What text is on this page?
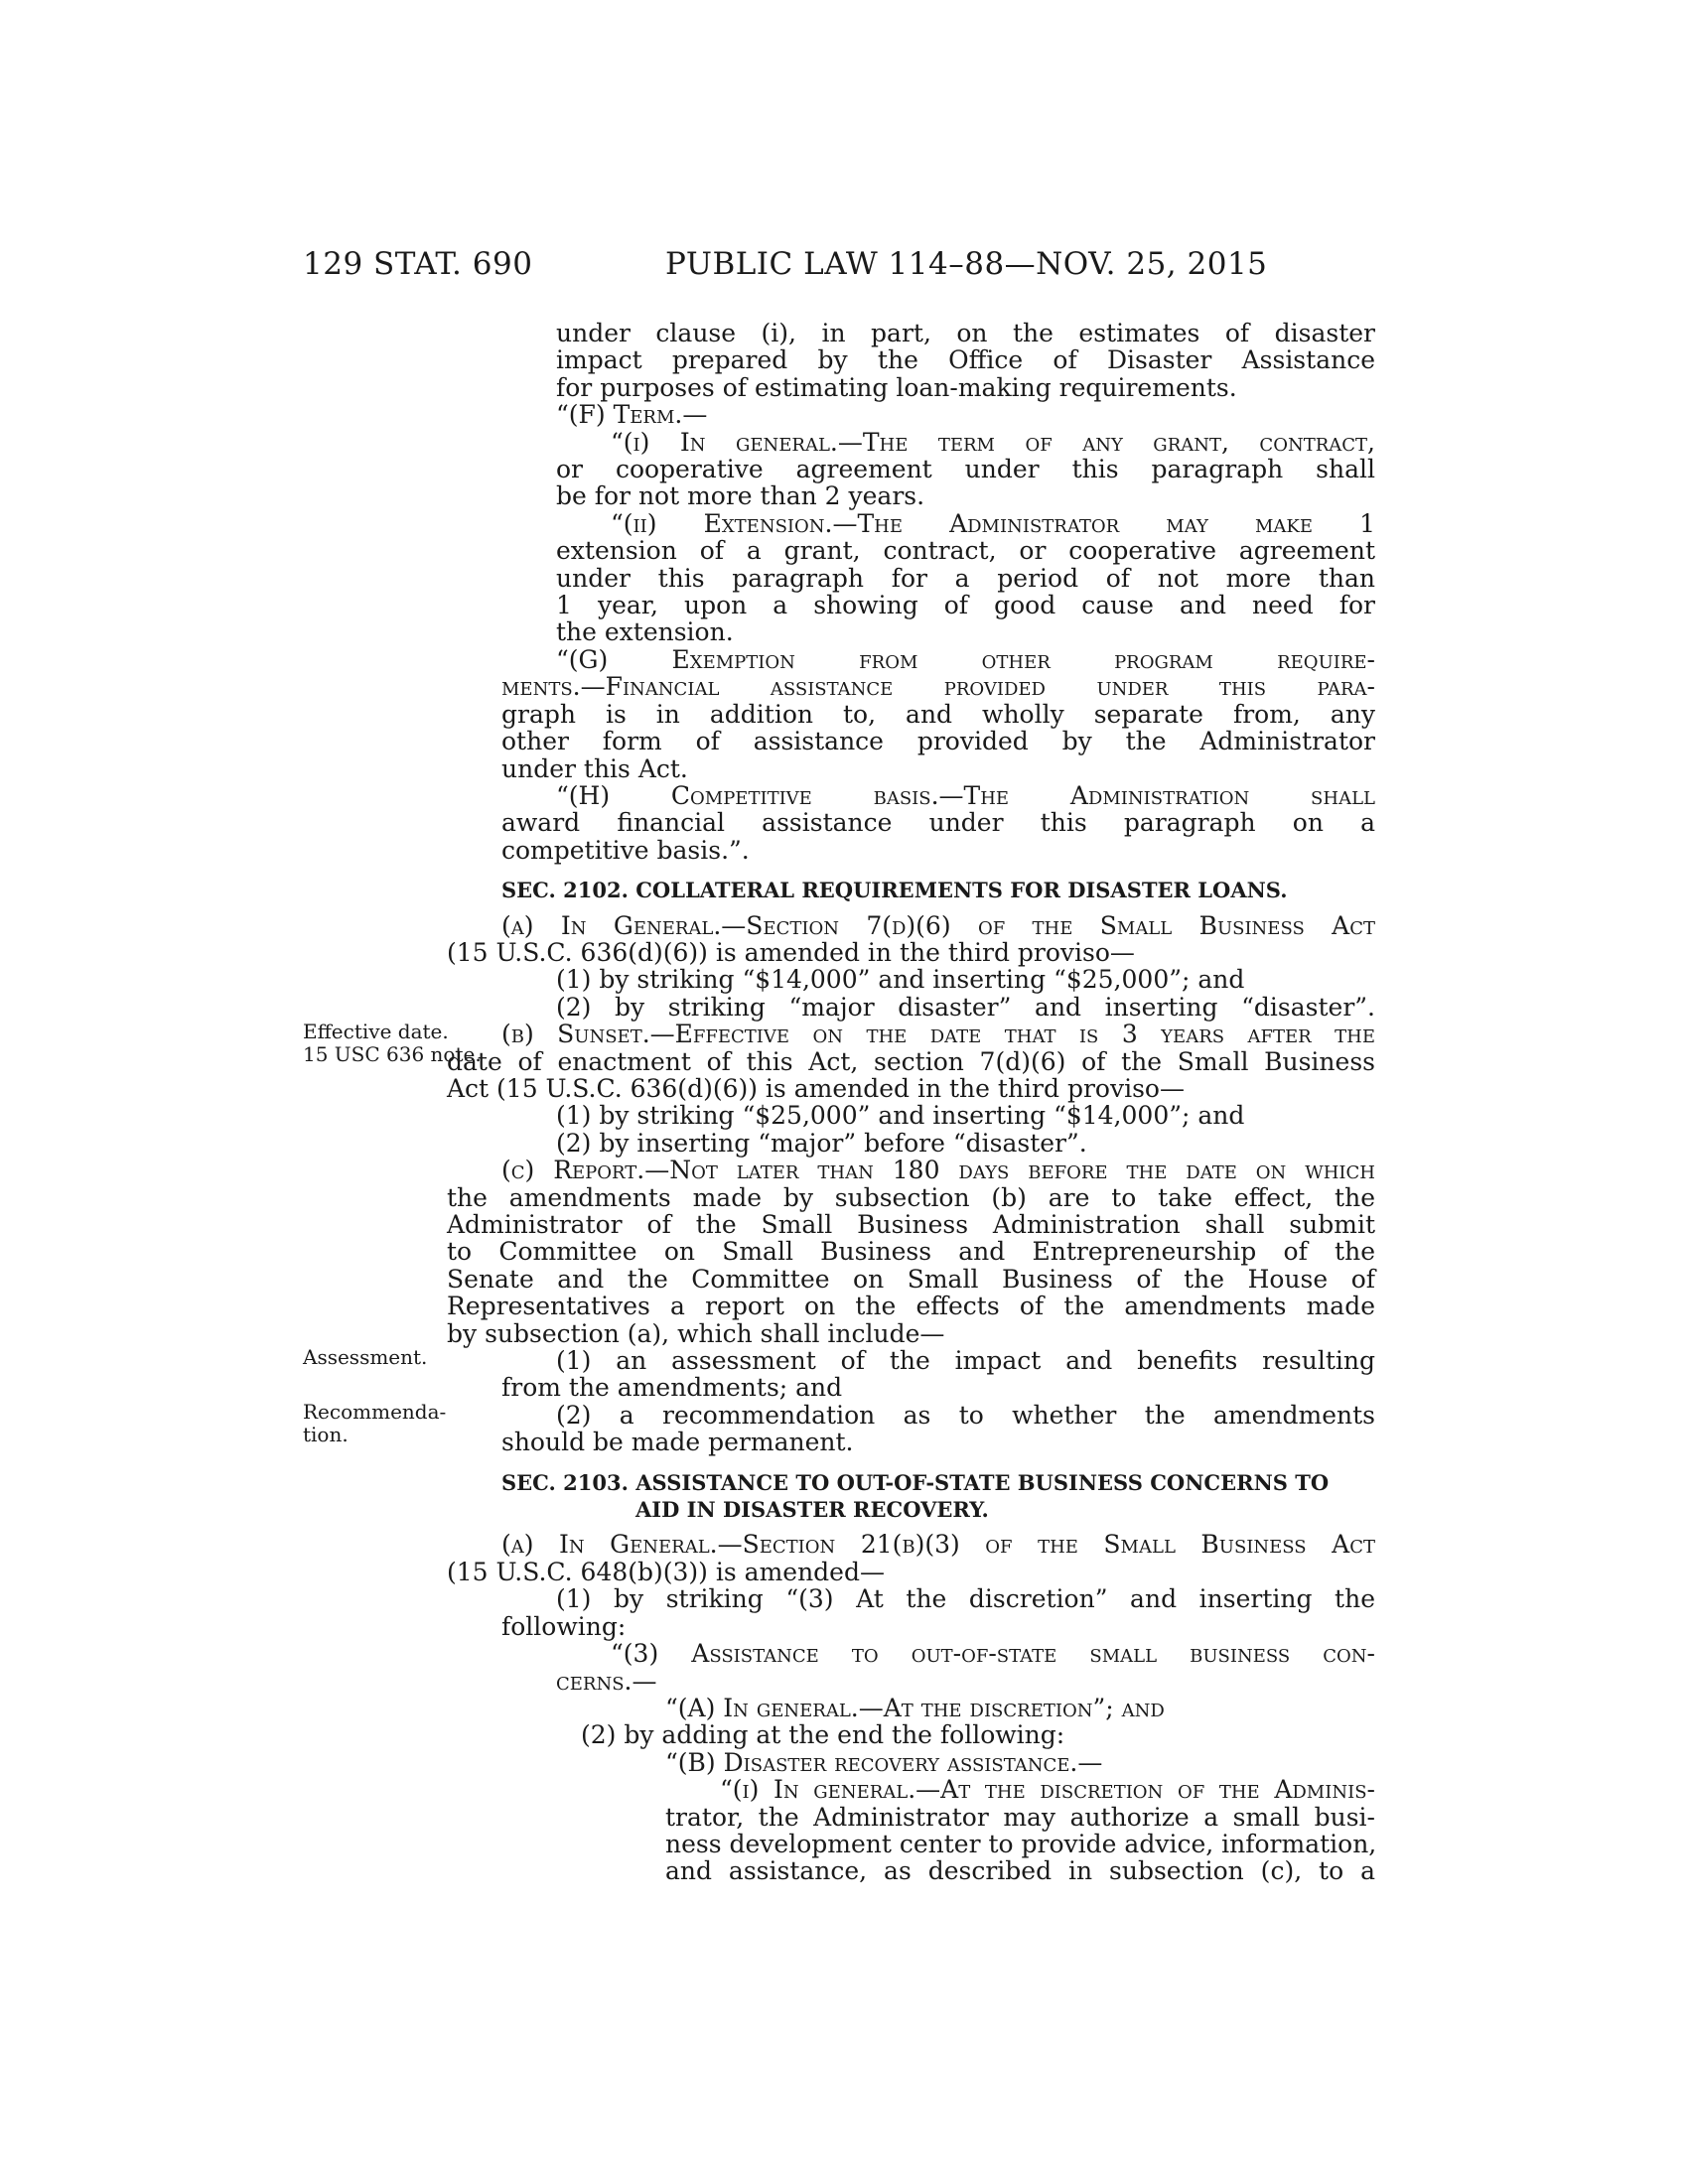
129 STAT. 690	PUBLIC LAW 114–88—NOV. 25, 2015
Effective date.
15 USC 636 note.
Assessment.
Recommenda-
tion.
under clause (i), in part, on the estimates of disaster
impact prepared by the Office of Disaster Assistance
for purposes of estimating loan-making requirements.
“(F) Term.—
“(i) In general.—The term of any grant, contract,
or cooperative agreement under this paragraph shall
be for not more than 2 years.
“(ii) Extension.—The Administrator may make 1
extension of a grant, contract, or cooperative agreement
under this paragraph for a period of not more than
1 year, upon a showing of good cause and need for
the extension.
“(G) Exemption from other program require-
ments.—Financial assistance provided under this para-
graph is in addition to, and wholly separate from, any
other form of assistance provided by the Administrator
under this Act.
“(H) Competitive basis.—The Administration shall
award financial assistance under this paragraph on a
competitive basis.”.
SEC. 2102. COLLATERAL REQUIREMENTS FOR DISASTER LOANS.
(a) In General.—Section 7(d)(6) of the Small Business Act
(15 U.S.C. 636(d)(6)) is amended in the third proviso—
(1) by striking “$14,000” and inserting “$25,000”; and
(2) by striking “major disaster” and inserting “disaster”.
(b) Sunset.—Effective on the date that is 3 years after the
date of enactment of this Act, section 7(d)(6) of the Small Business
Act (15 U.S.C. 636(d)(6)) is amended in the third proviso—
(1) by striking “$25,000” and inserting “$14,000”; and
(2) by inserting “major” before “disaster”.
(c) Report.—Not later than 180 days before the date on which
the amendments made by subsection (b) are to take effect, the
Administrator of the Small Business Administration shall submit
to Committee on Small Business and Entrepreneurship of the
Senate and the Committee on Small Business of the House of
Representatives a report on the effects of the amendments made
by subsection (a), which shall include—
(1) an assessment of the impact and benefits resulting
from the amendments; and
(2) a recommendation as to whether the amendments
should be made permanent.
SEC. 2103. ASSISTANCE TO OUT-OF-STATE BUSINESS CONCERNS TO
AID IN DISASTER RECOVERY.
(a) In General.—Section 21(b)(3) of the Small Business Act
(15 U.S.C. 648(b)(3)) is amended—
(1) by striking “(3) At the discretion” and inserting the
following:
“(3) Assistance to out-of-state small business con-
cerns.—
“(A) In general.—At the discretion”; and
(2) by adding at the end the following:
“(B) Disaster recovery assistance.—
“(i) In general.—At the discretion of the Adminis-
trator, the Administrator may authorize a small busi-
ness development center to provide advice, information,
and assistance, as described in subsection (c), to a
